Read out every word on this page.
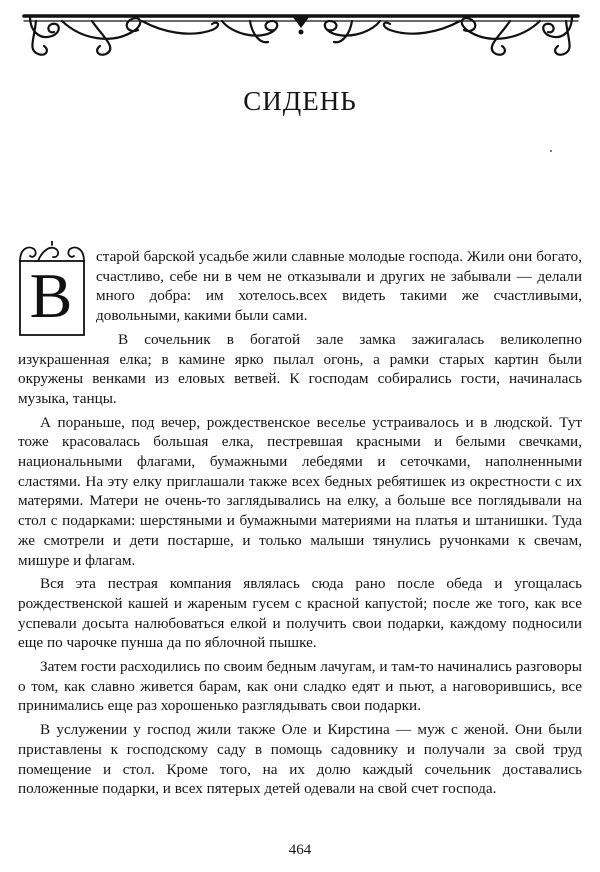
СИДЕНЬ

В
старой барской усадьбе жили славные молодые господа. Жили они богато, счастливо, себе ни в чем не отказывали и других не забывали — делали много добра: им хотелось.всех видеть такими же счастливыми, довольными, какими были сами.

В сочельник в богатой зале замка зажигалась великолепно изукрашенная елка; в камине ярко пылал огонь, а рамки старых картин были окружены венками из еловых ветвей. К господам собирались гости, начиналась музыка, танцы.

А пораньше, под вечер, рождественское веселье устраивалось и в людской. Тут тоже красовалась большая елка, пестревшая красными и белыми свечками, национальными флагами, бумажными лебедями и сеточками, наполненными сластями. На эту елку приглашали также всех бедных ребятишек из окрестности с их матерями. Матери не очень-то заглядывались на елку, а больше все поглядывали на стол с подарками: шерстяными и бумажными материями на платья и штанишки. Туда же смотрели и дети постарше, и только малыши тянулись ручонками к свечам, мишуре и флагам.

Вся эта пестрая компания являлась сюда рано после обеда и угощалась рождественской кашей и жареным гусем с красной капустой; после же того, как все успевали досыта налюбоваться елкой и получить свои подарки, каждому подносили еще по чарочке пунша да по яблочной пышке.

Затем гости расходились по своим бедным лачугам, и там-то начинались разговоры о том, как славно живется барам, как они сладко едят и пьют, а наговорившись, все принимались еще раз хорошенько разглядывать свои подарки.

В услужении у господ жили также Оле и Кирстина — муж с женой. Они были приставлены к господскому саду в помощь садовнику и получали за свой труд помещение и стол. Кроме того, на их долю каждый сочельник доставались положенные подарки, и всех пятерых детей одевали на свой счет господа.

464
